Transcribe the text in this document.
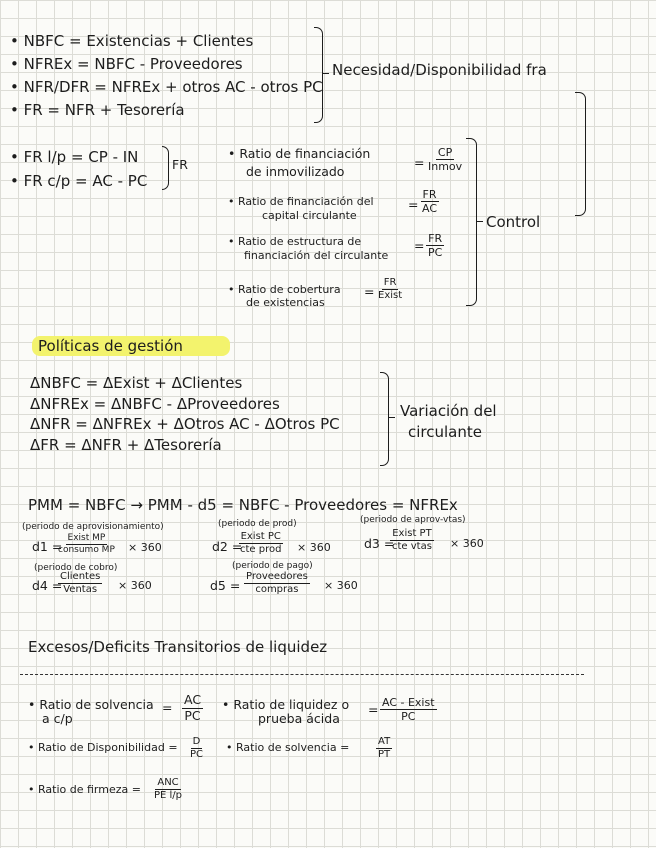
• NBFC = Existencias + Clientes
• NFREx = NBFC - Proveedores
• NFR/DFR = NFREx + otros AC - otros PC
• FR = NFR + Tesorería
Necesidad/Disponibilidad fra
• FR l/p = CP - IN
• FR c/p = AC - PC
FR
• Ratio de financiación
de inmovilizado
=
CP
Inmov
• Ratio de financiación del
capital circulante
= $\frac{FR}{AC}$
• Ratio de estructura de
financiación del circulante
= $\frac{FR}{PC}$
• Ratio de cobertura
de existencias
=
FR
Exist
Control
Políticas de gestión
ΔNBFC = ΔExist + ΔClientes
ΔNFREx = ΔNBFC - ΔProveedores
ΔNFR = ΔNFREx + ΔOtros AC - ΔOtros PC
ΔFR = ΔNFR + ΔTesorería
Variación del
circulante
PMM = NBFC → PMM - d5 = NBFC - Proveedores = NFREx
(periodo de aprovisionamiento)	(periodo de prod)	(periodo de aprov-vtas)
d1 =
Exist MP
consumo MP × 360	d2 =
Exist PC
cte prod × 360	d3 =
Exist PT
cte vtas × 360
(periodo de cobro)	(periodo de pago)
d4 =
Clientes
Ventas × 360	d5 =
Proveedores
compras × 360
Excesos/Deficits Transitorios de liquidez
• Ratio de solvencia
a c/p
= $\frac{AC}{PC}$ • Ratio de liquidez o
prueba ácida
= AC - Exist
PC
• Ratio de Disponibilidad = $\frac{D}{PC}$ • Ratio de solvencia =	$\frac{AT}{PT}$
• Ratio de firmeza =
ANC
PE l/p
